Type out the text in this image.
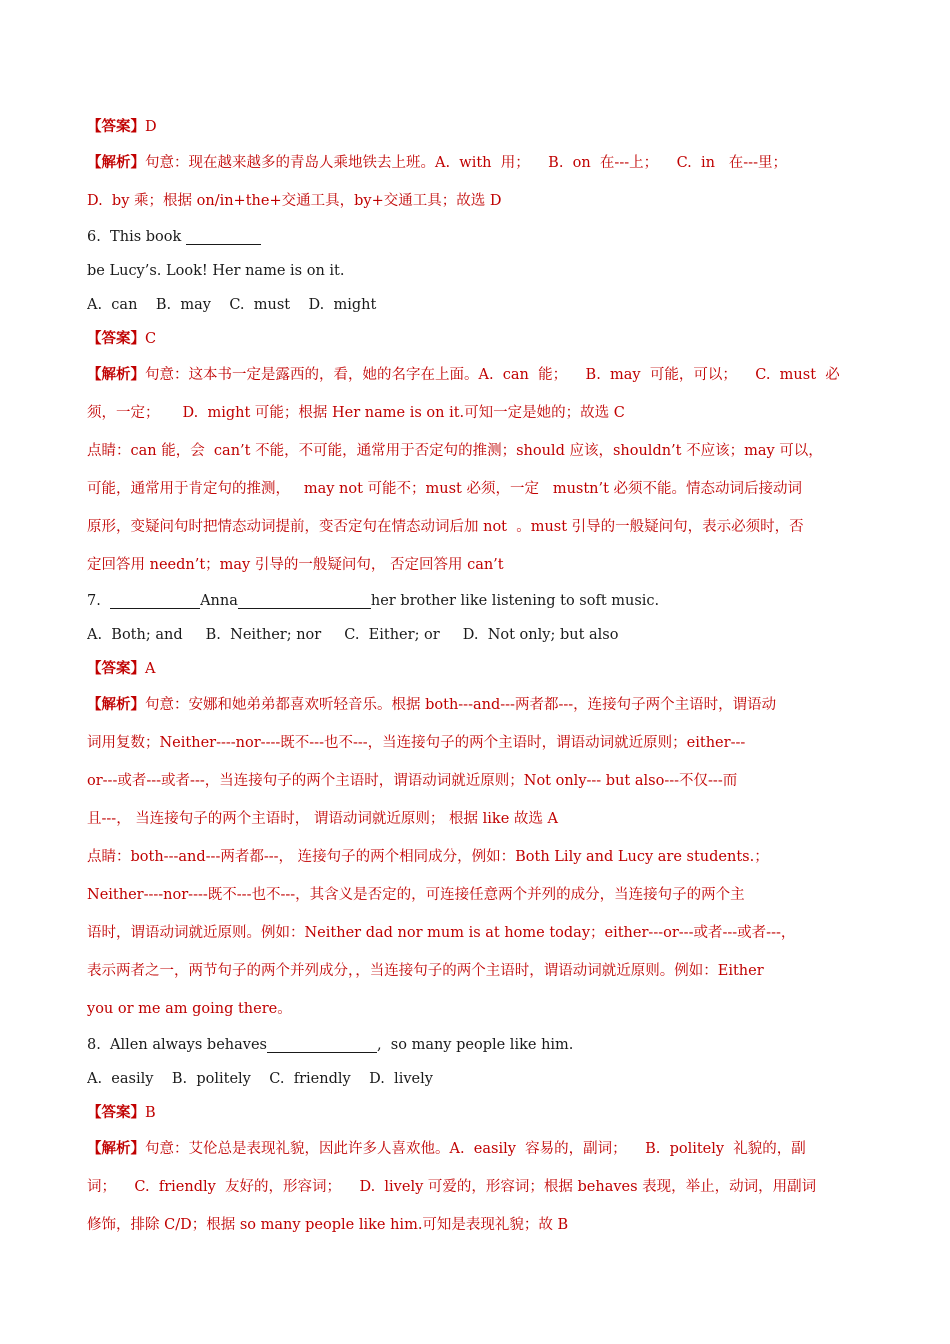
【答案】D
【解析】句意：现在越来越多的青岛人乘地铁去上班。A.  with  用；    B.  on  在---上；    C.  in   在---里；
D.  by 乘；根据 on/in+the+交通工具，by+交通工具；故选 D
6.  This book
be Lucy’s. Look! Her name is on it.
A.  can    B.  may    C.  must    D.  might
【答案】C
【解析】句意：这本书一定是露西的，看，她的名字在上面。A.  can  能；    B.  may  可能，可以；    C.  must  必
须，一定；     D.  might 可能；根据 Her name is on it.可知一定是她的；故选 C
点睛：can 能，会  can’t 不能，不可能，通常用于否定句的推测；should 应该，shouldn’t 不应该；may 可以，
可能，通常用于肯定句的推测，   may not 可能不；must 必须，一定   mustn’t 必须不能。情态动词后接动词
原形，变疑问句时把情态动词提前，变否定句在情态动词后加 not  。must 引导的一般疑问句，表示必须时，否
定回答用 needn’t；may 引导的一般疑问句， 否定回答用 can’t
7.	Anna	her brother like listening to soft music.
A.  Both; and     B.  Neither; nor     C.  Either; or     D.  Not only; but also
【答案】A
【解析】句意：安娜和她弟弟都喜欢听轻音乐。根据 both---and---两者都---，连接句子两个主语时，谓语动
词用复数；Neither----nor----既不---也不---，当连接句子的两个主语时，谓语动词就近原则；either---
or---或者---或者---，当连接句子的两个主语时，谓语动词就近原则；Not only--- but also---不仅---而
且---， 当连接句子的两个主语时， 谓语动词就近原则； 根据 like 故选 A
点睛：both---and---两者都---， 连接句子的两个相同成分，例如：Both Lily and Lucy are students.；
Neither----nor----既不---也不---，其含义是否定的，可连接任意两个并列的成分，当连接句子的两个主
语时，谓语动词就近原则。例如：Neither dad nor mum is at home today；either---or---或者---或者---，
表示两者之一，两节句子的两个并列成分，，当连接句子的两个主语时，谓语动词就近原则。例如：Either
you or me am going there。
8.  Allen always behaves	,  so many people like him.
A.  easily    B.  politely    C.  friendly    D.  lively
【答案】B
【解析】句意：艾伦总是表现礼貌，因此许多人喜欢他。A.  easily  容易的，副词；    B.  politely  礼貌的，副
词；    C.  friendly  友好的，形容词；    D.  lively 可爱的，形容词；根据 behaves 表现，举止，动词，用副词
修饰，排除 C/D；根据 so many people like him.可知是表现礼貌；故 B
